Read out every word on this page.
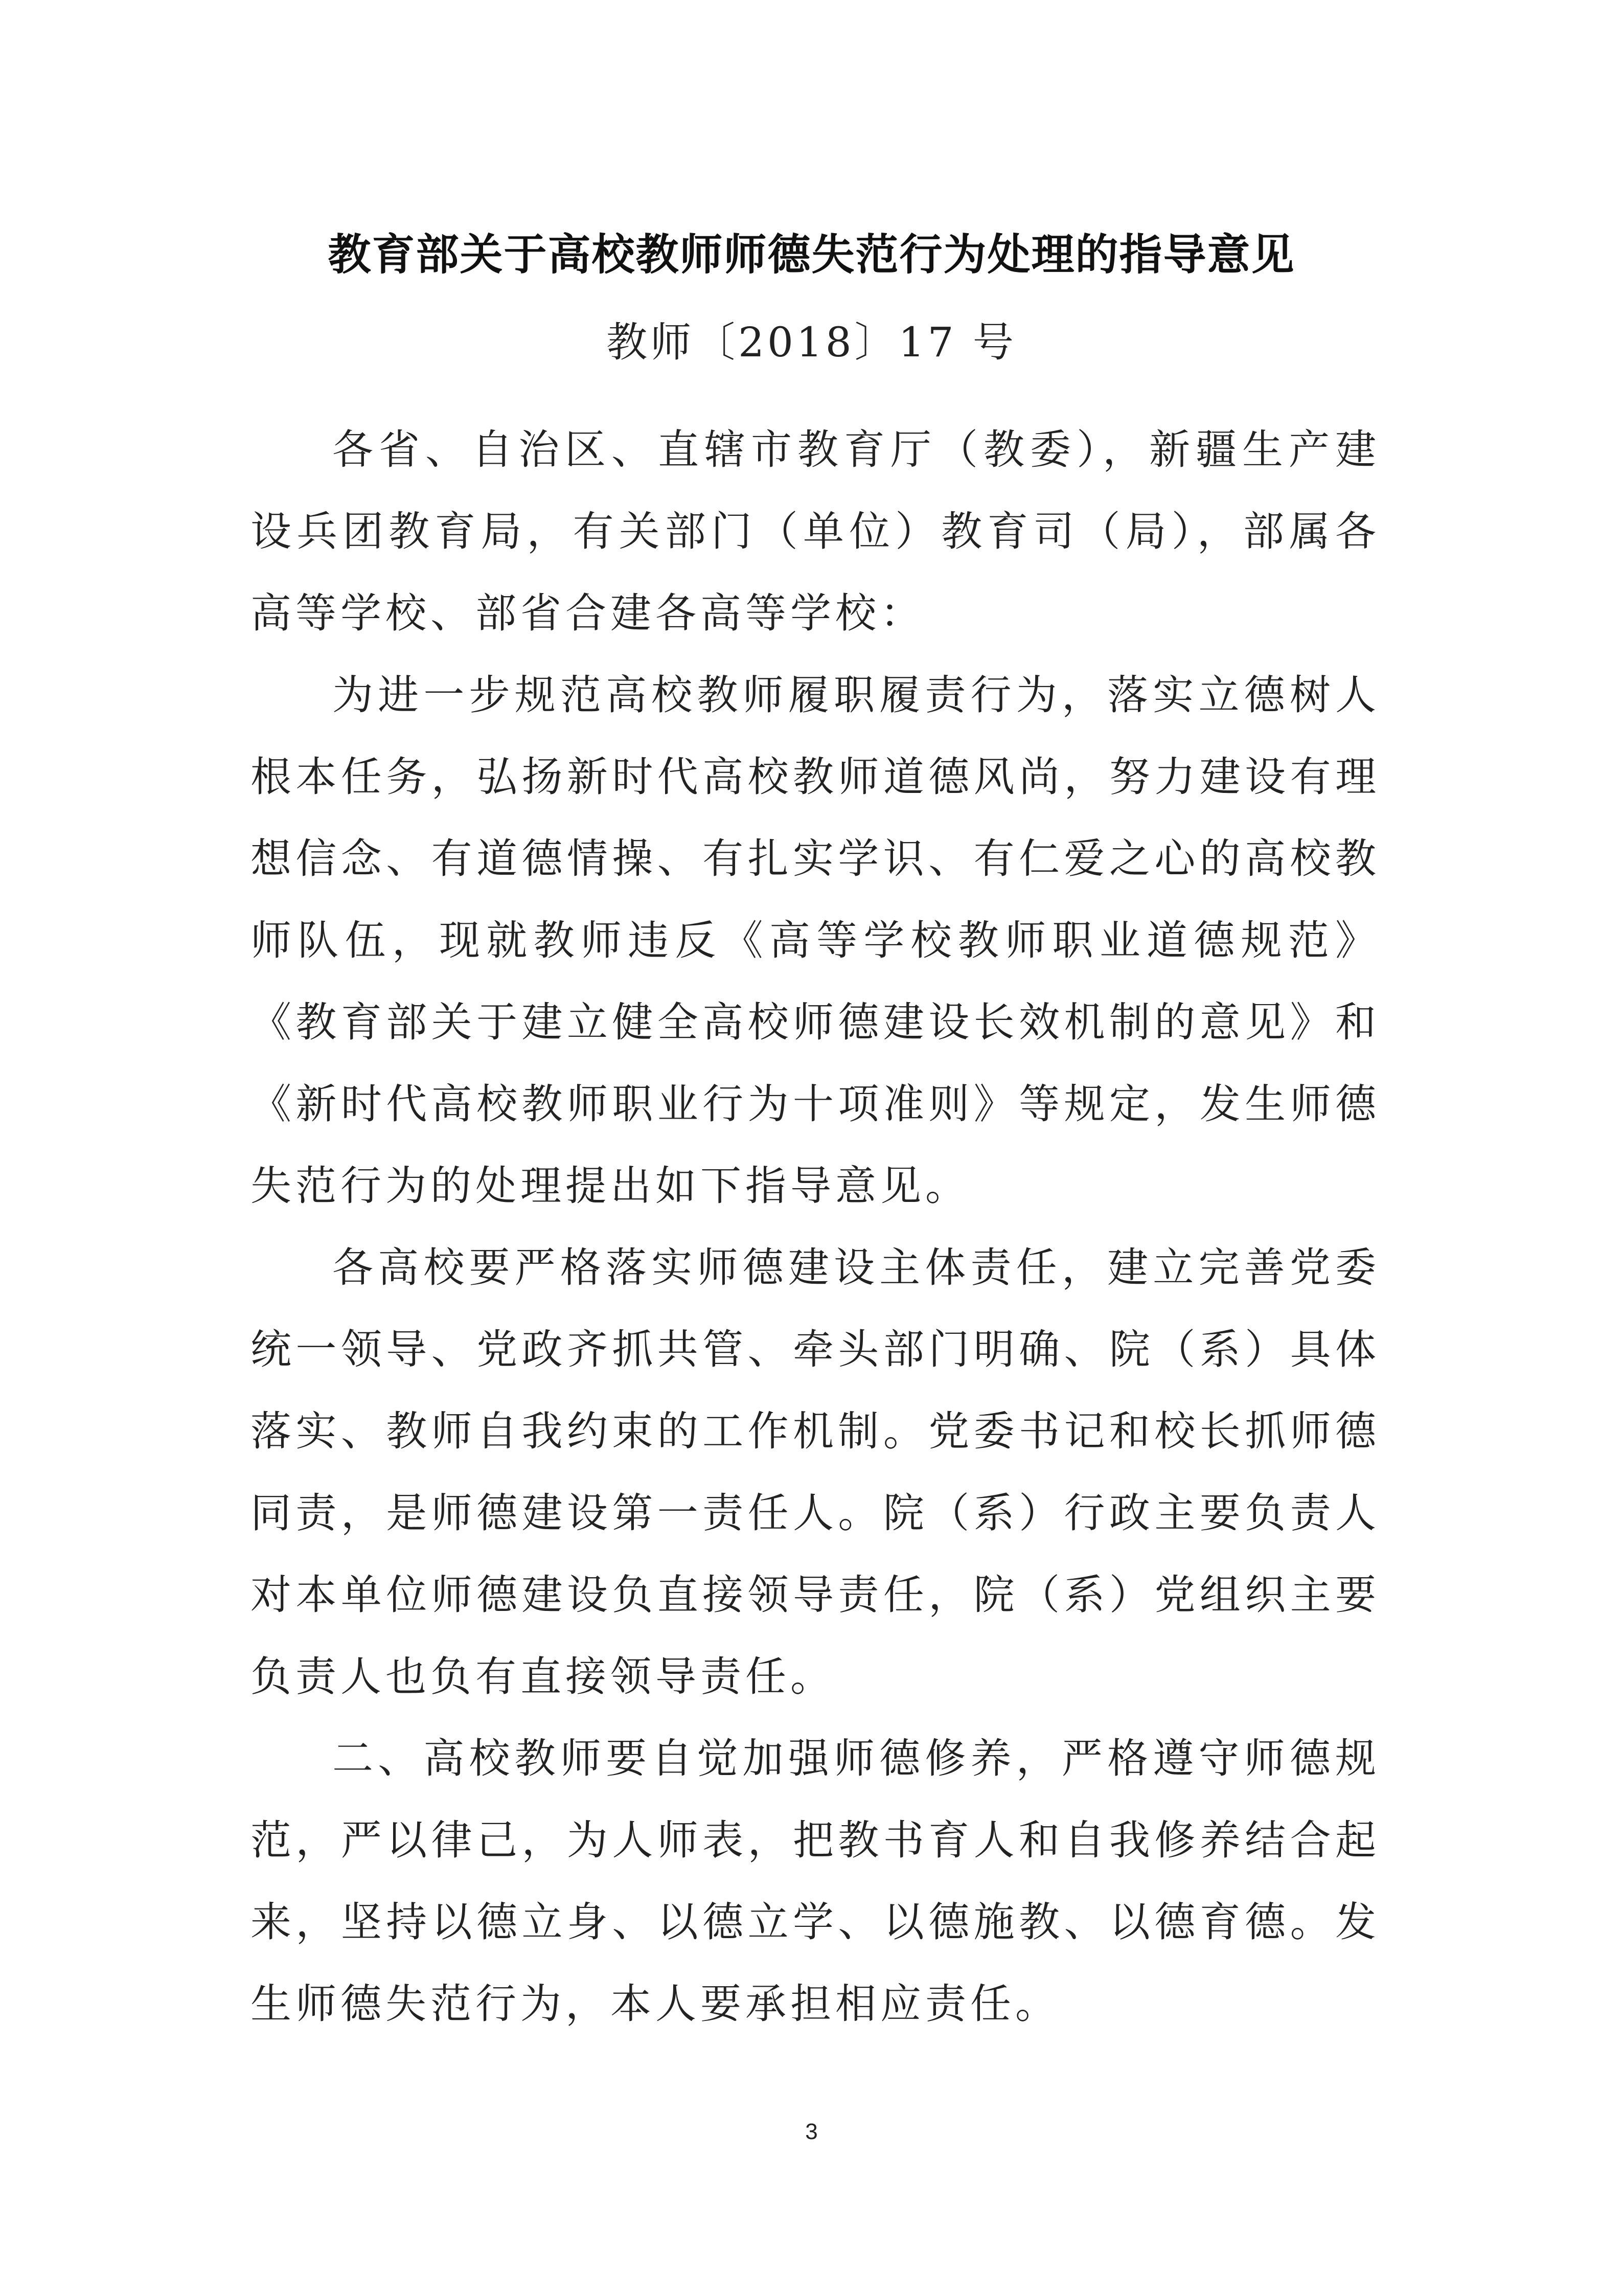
教育部关于高校教师师德失范行为处理的指导意见
教师〔2018〕17 号

各省、自治区、直辖市教育厅（教委），新疆生产建设兵团教育局，有关部门（单位）教育司（局），部属各高等学校、部省合建各高等学校：

为进一步规范高校教师履职履责行为，落实立德树人根本任务，弘扬新时代高校教师道德风尚，努力建设有理想信念、有道德情操、有扎实学识、有仁爱之心的高校教师队伍，现就教师违反《高等学校教师职业道德规范》《教育部关于建立健全高校师德建设长效机制的意见》和《新时代高校教师职业行为十项准则》等规定，发生师德失范行为的处理提出如下指导意见。

各高校要严格落实师德建设主体责任，建立完善党委统一领导、党政齐抓共管、牵头部门明确、院（系）具体落实、教师自我约束的工作机制。党委书记和校长抓师德同责，是师德建设第一责任人。院（系）行政主要负责人对本单位师德建设负直接领导责任，院（系）党组织主要负责人也负有直接领导责任。

二、高校教师要自觉加强师德修养，严格遵守师德规范，严以律己，为人师表，把教书育人和自我修养结合起来，坚持以德立身、以德立学、以德施教、以德育德。发生师德失范行为，本人要承担相应责任。

3
